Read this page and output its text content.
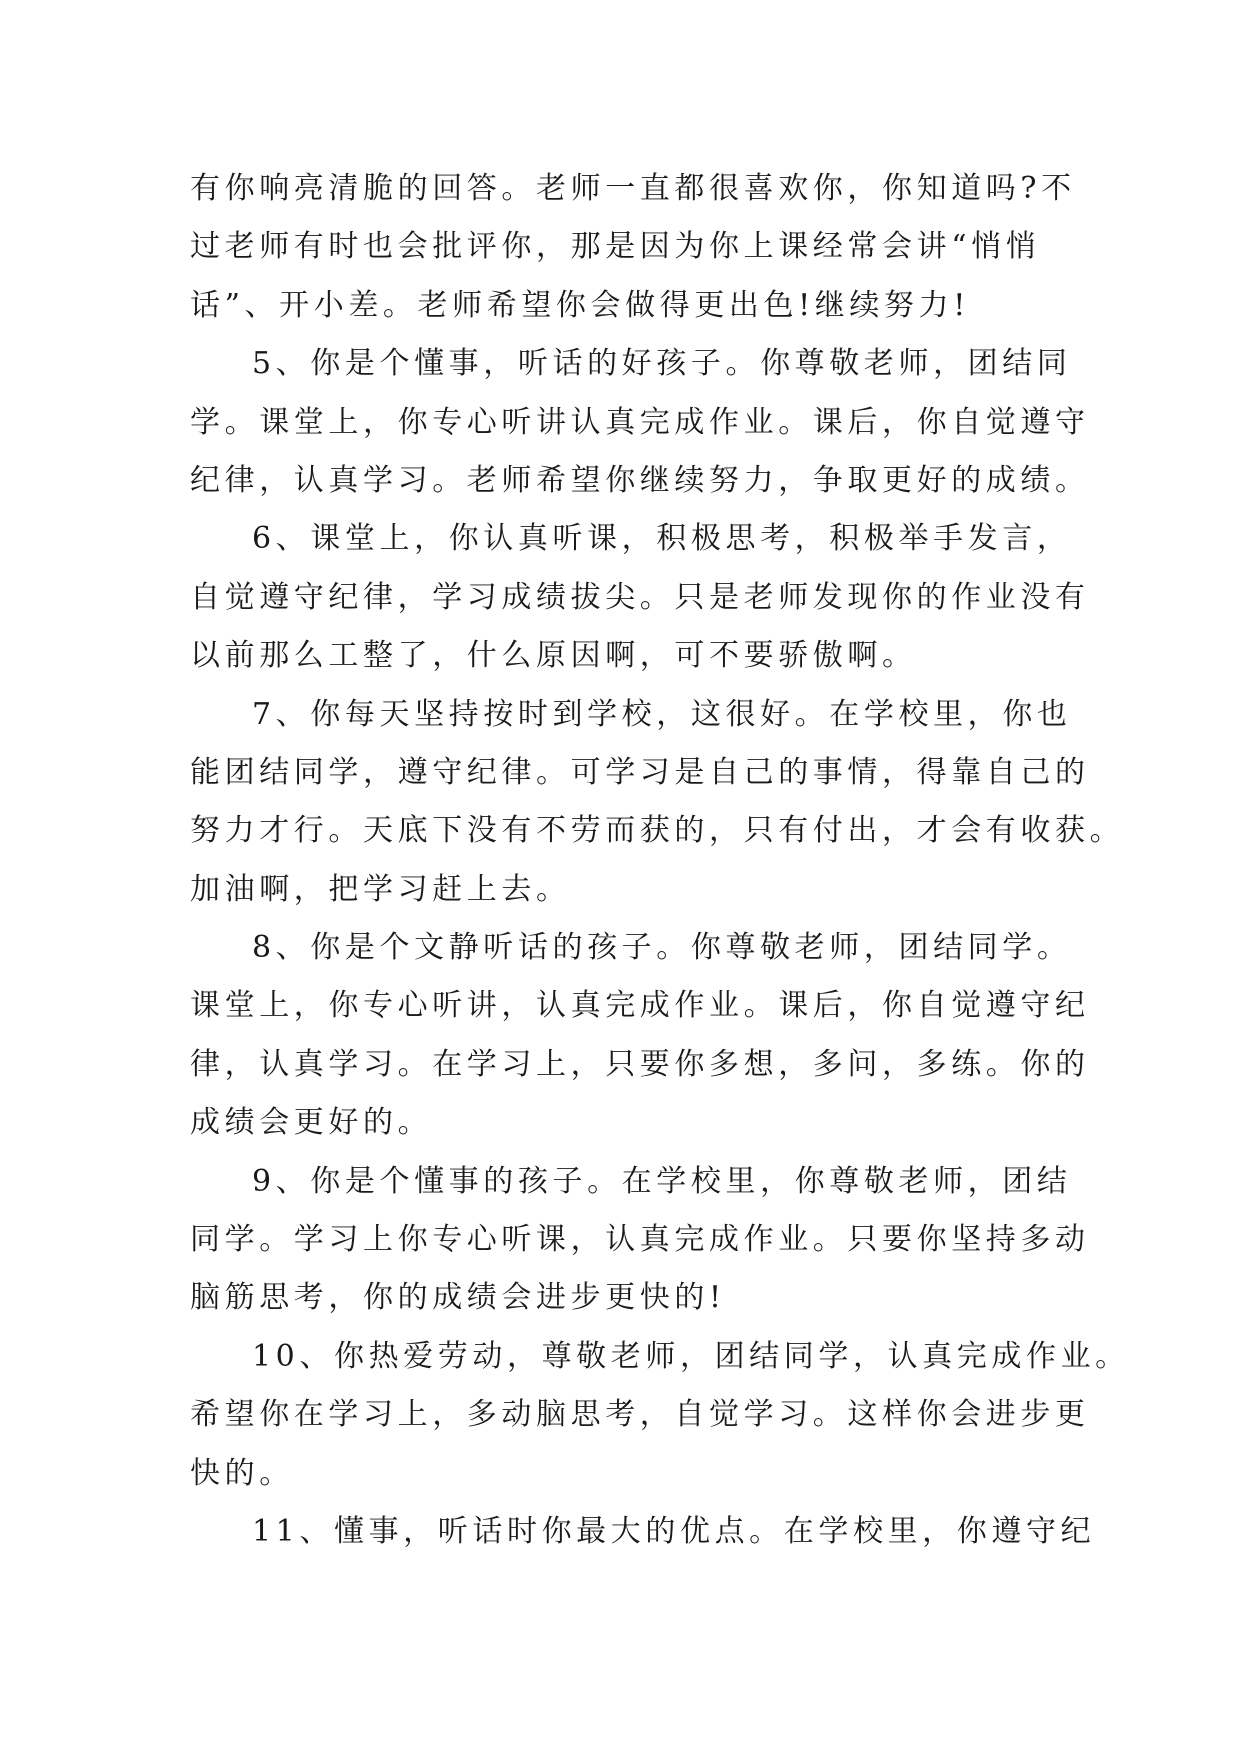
有你响亮清脆的回答。老师一直都很喜欢你，你知道吗?不
过老师有时也会批评你，那是因为你上课经常会讲“悄悄
话”、开小差。老师希望你会做得更出色!继续努力!
5、你是个懂事，听话的好孩子。你尊敬老师，团结同
学。课堂上，你专心听讲认真完成作业。课后，你自觉遵守
纪律，认真学习。老师希望你继续努力，争取更好的成绩。
6、课堂上，你认真听课，积极思考，积极举手发言，
自觉遵守纪律，学习成绩拔尖。只是老师发现你的作业没有
以前那么工整了，什么原因啊，可不要骄傲啊。
7、你每天坚持按时到学校，这很好。在学校里，你也
能团结同学，遵守纪律。可学习是自己的事情，得靠自己的
努力才行。天底下没有不劳而获的，只有付出，才会有收获。
加油啊，把学习赶上去。
8、你是个文静听话的孩子。你尊敬老师，团结同学。
课堂上，你专心听讲，认真完成作业。课后，你自觉遵守纪
律，认真学习。在学习上，只要你多想，多问，多练。你的
成绩会更好的。
9、你是个懂事的孩子。在学校里，你尊敬老师，团结
同学。学习上你专心听课，认真完成作业。只要你坚持多动
脑筋思考，你的成绩会进步更快的!
10、你热爱劳动，尊敬老师，团结同学，认真完成作业。
希望你在学习上，多动脑思考，自觉学习。这样你会进步更
快的。
11、懂事，听话时你最大的优点。在学校里，你遵守纪
